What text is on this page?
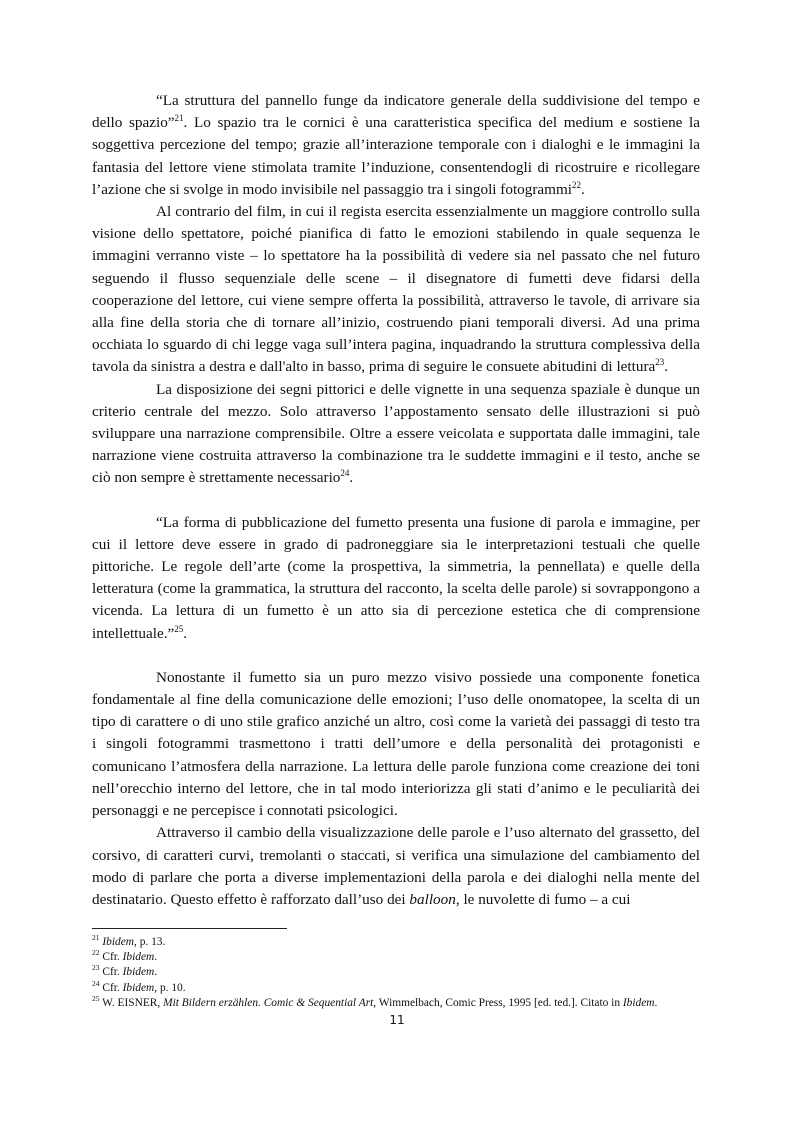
“La struttura del pannello funge da indicatore generale della suddivisione del tempo e dello spazio”$^{21}$. Lo spazio tra le cornici è una caratteristica specifica del medium e sostiene la soggettiva percezione del tempo; grazie all’interazione temporale con i dialoghi e le immagini la fantasia del lettore viene stimolata tramite l’induzione, consentendogli di ricostruire e ricollegare l’azione che si svolge in modo invisibile nel passaggio tra i singoli fotogrammi$^{22}$.

Al contrario del film, in cui il regista esercita essenzialmente un maggiore controllo sulla visione dello spettatore, poiché pianifica di fatto le emozioni stabilendo in quale sequenza le immagini verranno viste – lo spettatore ha la possibilità di vedere sia nel passato che nel futuro seguendo il flusso sequenziale delle scene – il disegnatore di fumetti deve fidarsi della cooperazione del lettore, cui viene sempre offerta la possibilità, attraverso le tavole, di arrivare sia alla fine della storia che di tornare all’inizio, costruendo piani temporali diversi. Ad una prima occhiata lo sguardo di chi legge vaga sull’intera pagina, inquadrando la struttura complessiva della tavola da sinistra a destra e dall'alto in basso, prima di seguire le consuete abitudini di lettura$^{23}$.

La disposizione dei segni pittorici e delle vignette in una sequenza spaziale è dunque un criterio centrale del mezzo. Solo attraverso l’appostamento sensato delle illustrazioni si può sviluppare una narrazione comprensibile. Oltre a essere veicolata e supportata dalle immagini, tale narrazione viene costruita attraverso la combinazione tra le suddette immagini e il testo, anche se ciò non sempre è strettamente necessario$^{24}$.

“La forma di pubblicazione del fumetto presenta una fusione di parola e immagine, per cui il lettore deve essere in grado di padroneggiare sia le interpretazioni testuali che quelle pittoriche. Le regole dell’arte (come la prospettiva, la simmetria, la pennellata) e quelle della letteratura (come la grammatica, la struttura del racconto, la scelta delle parole) si sovrappongono a vicenda. La lettura di un fumetto è un atto sia di percezione estetica che di comprensione intellettuale.”$^{25}$.

Nonostante il fumetto sia un puro mezzo visivo possiede una componente fonetica fondamentale al fine della comunicazione delle emozioni; l’uso delle onomatopee, la scelta di un tipo di carattere o di uno stile grafico anziché un altro, così come la varietà dei passaggi di testo tra i singoli fotogrammi trasmettono i tratti dell’umore e della personalità dei protagonisti e comunicano l’atmosfera della narrazione. La lettura delle parole funziona come creazione dei toni nell’orecchio interno del lettore, che in tal modo interiorizza gli stati d’animo e le peculiarità dei personaggi e ne percepisce i connotati psicologici.

Attraverso il cambio della visualizzazione delle parole e l’uso alternato del grassetto, del corsivo, di caratteri curvi, tremolanti o staccati, si verifica una simulazione del cambiamento del modo di parlare che porta a diverse implementazioni della parola e dei dialoghi nella mente del destinatario. Questo effetto è rafforzato dall’uso dei balloon, le nuvolette di fumo – a cui

$^{21}$ Ibidem, p. 13.
$^{22}$ Cfr. Ibidem.
$^{23}$ Cfr. Ibidem.
$^{24}$ Cfr. Ibidem, p. 10.
$^{25}$ W. EISNER, Mit Bildern erzählen. Comic & Sequential Art, Wimmelbach, Comic Press, 1995 [ed. ted.]. Citato in Ibidem.
11
